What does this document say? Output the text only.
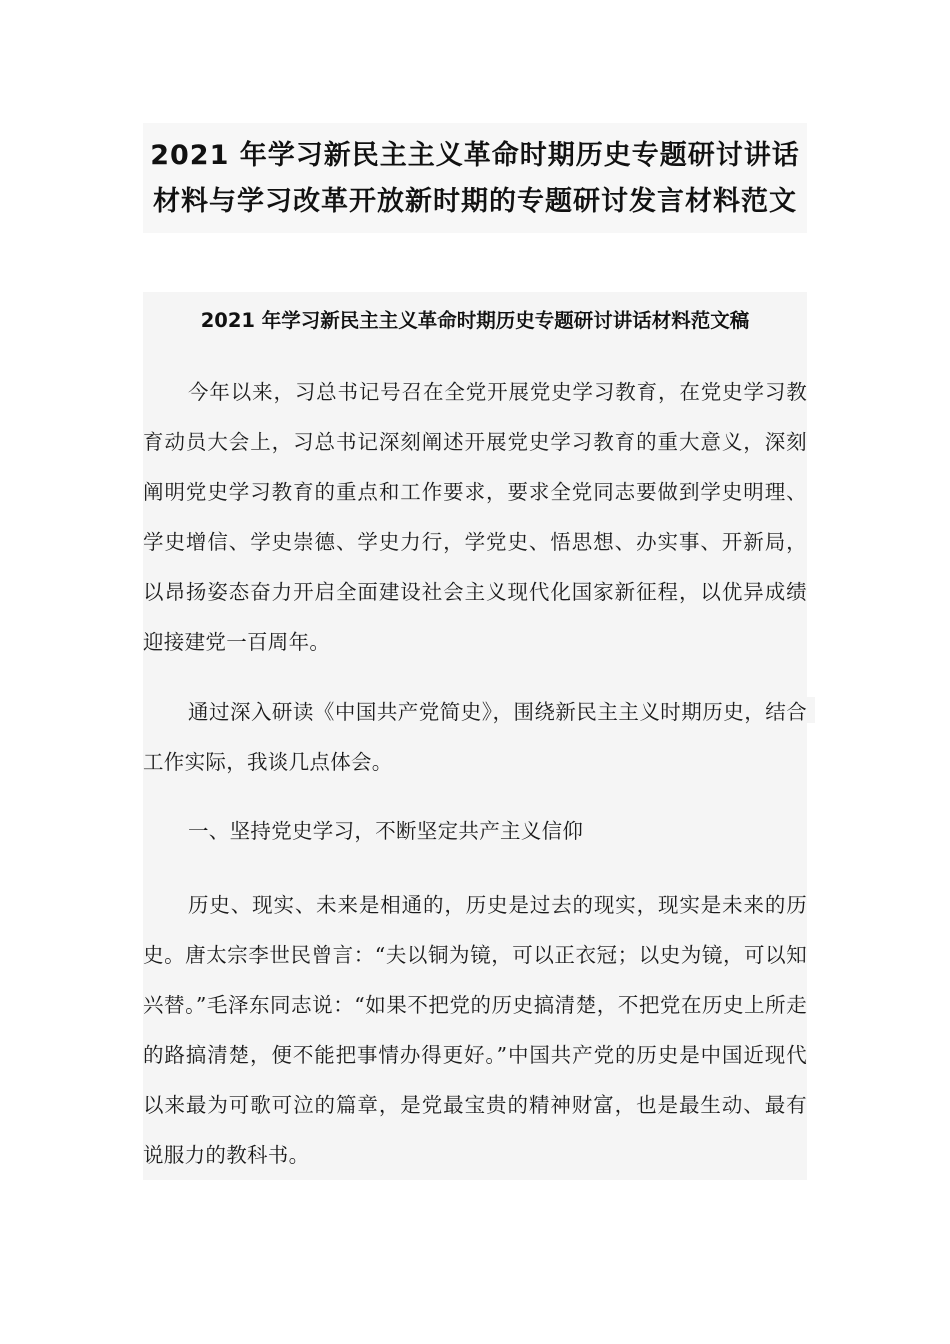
2021 年学习新民主主义革命时期历史专题研讨讲话
材料与学习改革开放新时期的专题研讨发言材料范文
2021 年学习新民主主义革命时期历史专题研讨讲话材料范文稿

今年以来，习总书记号召在全党开展党史学习教育，在党史学习教育动员大会上，习总书记深刻阐述开展党史学习教育的重大意义，深刻阐明党史学习教育的重点和工作要求，要求全党同志要做到学史明理、学史增信、学史崇德、学史力行，学党史、悟思想、办实事、开新局，以昂扬姿态奋力开启全面建设社会主义现代化国家新征程，以优异成绩迎接建党一百周年。

通过深入研读《中国共产党简史》，围绕新民主主义时期历史，结合工作实际，我谈几点体会。

一、坚持党史学习，不断坚定共产主义信仰

历史、现实、未来是相通的，历史是过去的现实，现实是未来的历史。唐太宗李世民曾言：“夫以铜为镜，可以正衣冠；以史为镜，可以知兴替。”毛泽东同志说：“如果不把党的历史搞清楚，不把党在历史上所走的路搞清楚，便不能把事情办得更好。”中国共产党的历史是中国近现代以来最为可歌可泣的篇章，是党最宝贵的精神财富，也是最生动、最有说服力的教科书。
